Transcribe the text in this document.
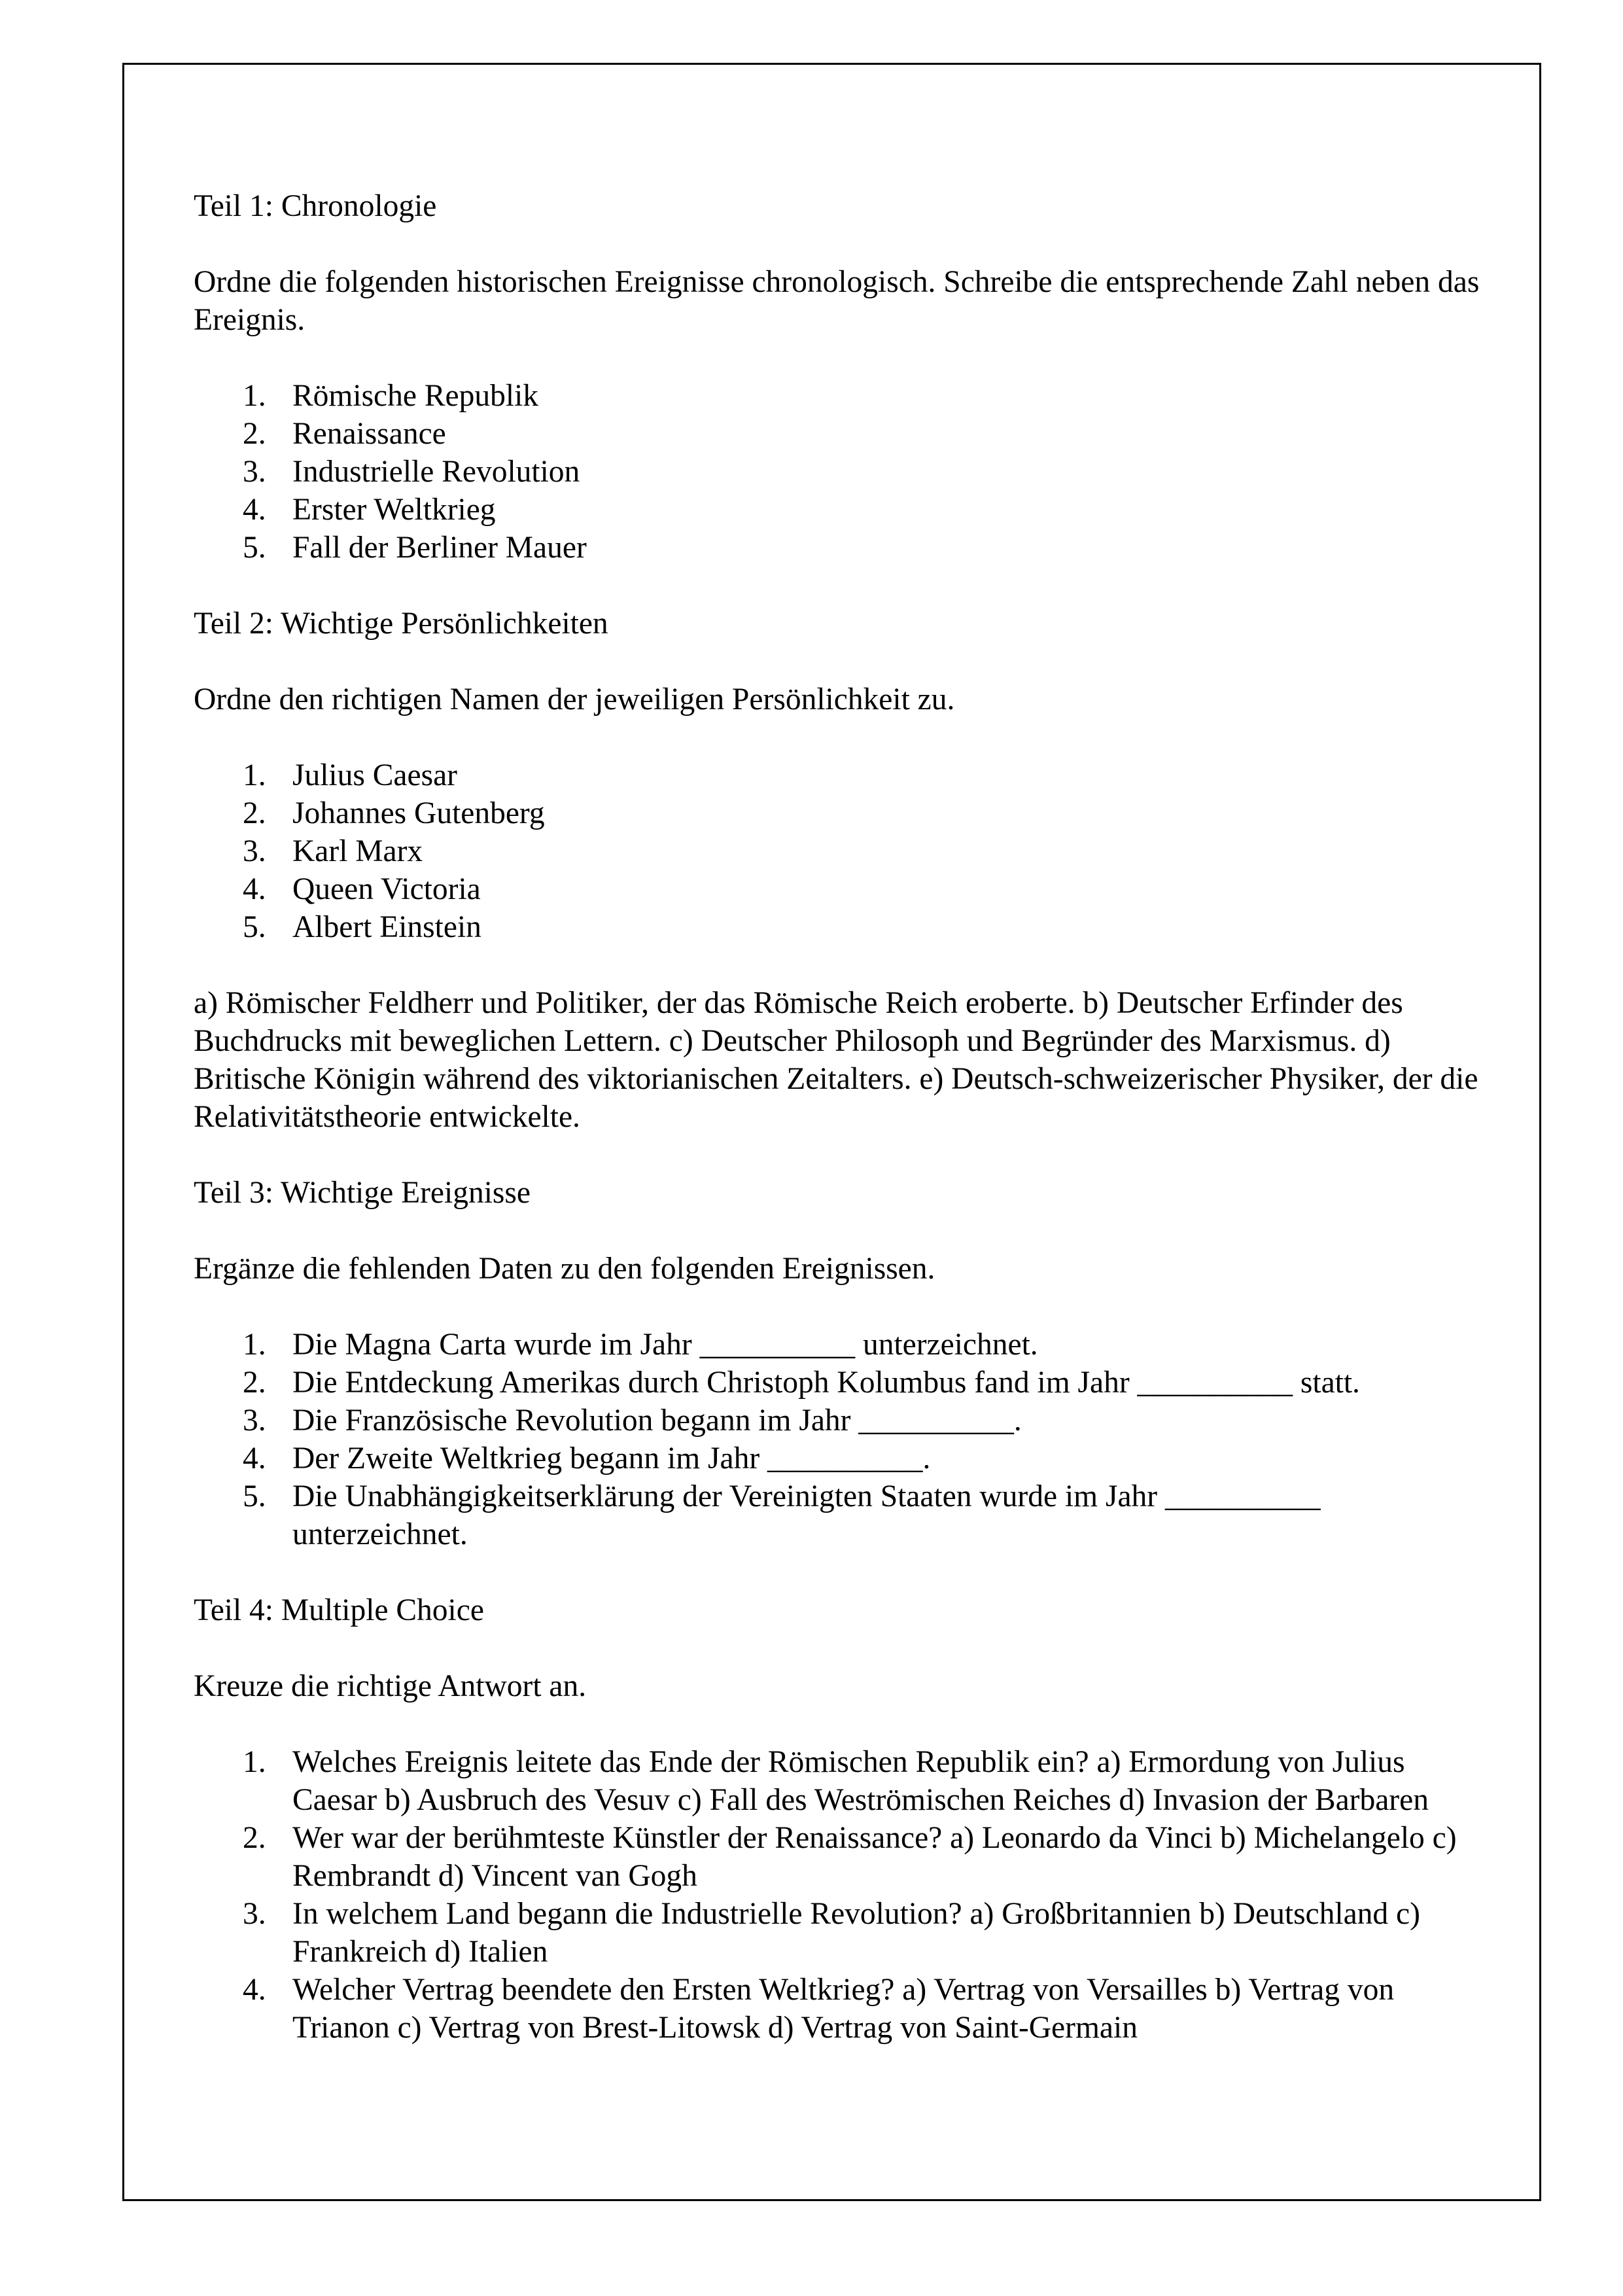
Teil 1: Chronologie

Ordne die folgenden historischen Ereignisse chronologisch. Schreibe die entsprechende Zahl neben das Ereignis.

1. Römische Republik
2. Renaissance
3. Industrielle Revolution
4. Erster Weltkrieg
5. Fall der Berliner Mauer

Teil 2: Wichtige Persönlichkeiten

Ordne den richtigen Namen der jeweiligen Persönlichkeit zu.

1. Julius Caesar
2. Johannes Gutenberg
3. Karl Marx
4. Queen Victoria
5. Albert Einstein

a) Römischer Feldherr und Politiker, der das Römische Reich eroberte. b) Deutscher Erfinder des Buchdrucks mit beweglichen Lettern. c) Deutscher Philosoph und Begründer des Marxismus. d) Britische Königin während des viktorianischen Zeitalters. e) Deutsch-schweizerischer Physiker, der die Relativitätstheorie entwickelte.

Teil 3: Wichtige Ereignisse

Ergänze die fehlenden Daten zu den folgenden Ereignissen.

1. Die Magna Carta wurde im Jahr __________ unterzeichnet.
2. Die Entdeckung Amerikas durch Christoph Kolumbus fand im Jahr __________ statt.
3. Die Französische Revolution begann im Jahr __________.
4. Der Zweite Weltkrieg begann im Jahr __________.
5. Die Unabhängigkeitserklärung der Vereinigten Staaten wurde im Jahr __________ unterzeichnet.

Teil 4: Multiple Choice

Kreuze die richtige Antwort an.

1. Welches Ereignis leitete das Ende der Römischen Republik ein? a) Ermordung von Julius Caesar b) Ausbruch des Vesuv c) Fall des Weströmischen Reiches d) Invasion der Barbaren
2. Wer war der berühmteste Künstler der Renaissance? a) Leonardo da Vinci b) Michelangelo c) Rembrandt d) Vincent van Gogh
3. In welchem Land begann die Industrielle Revolution? a) Großbritannien b) Deutschland c) Frankreich d) Italien
4. Welcher Vertrag beendete den Ersten Weltkrieg? a) Vertrag von Versailles b) Vertrag von Trianon c) Vertrag von Brest-Litowsk d) Vertrag von Saint-Germain
